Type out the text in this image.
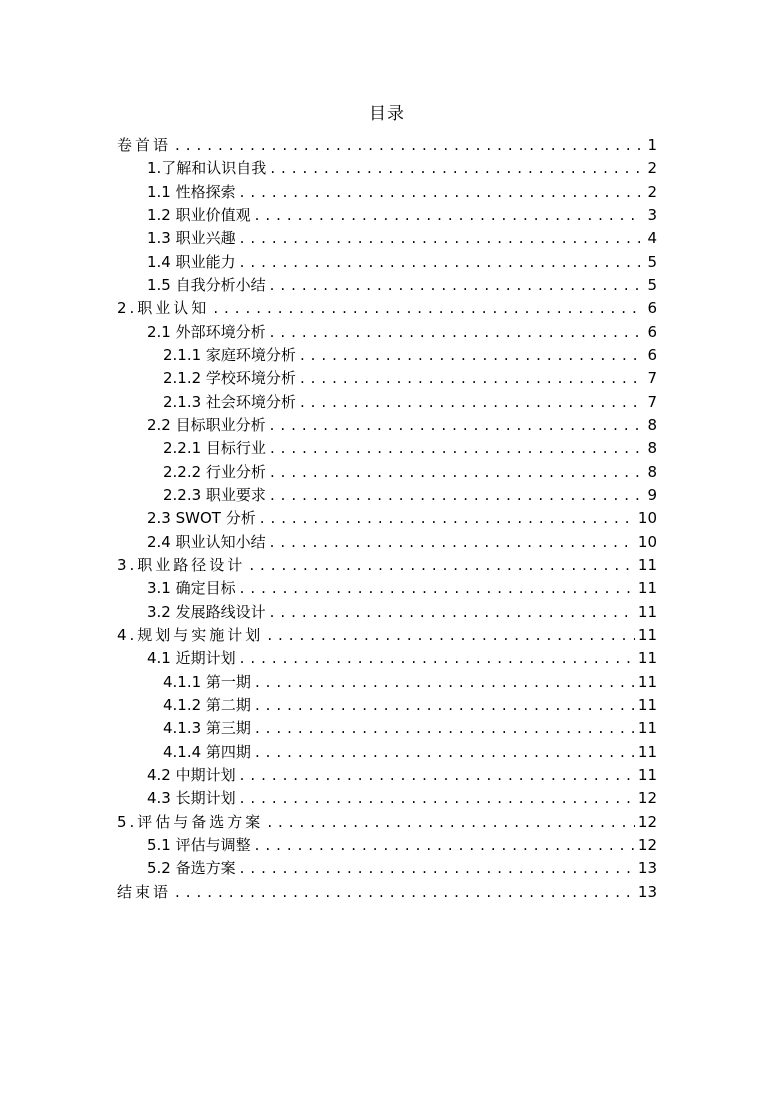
目录
卷首语 . . .	1
1.了解和认识自我 . . .	2
1.1 性格探索 . . .	2
1.2 职业价值观 . . .	3
1.3 职业兴趣 . . .	4
1.4 职业能力 . . .	5
1.5 自我分析小结 . . .	5
2.职业认知 . . .	6
2.1 外部环境分析 . . .	6
2.1.1 家庭环境分析 . . .	6
2.1.2 学校环境分析 . . .	7
2.1.3 社会环境分析 . . .	7
2.2 目标职业分析 . . .	8
2.2.1 目标行业 . . .	8
2.2.2 行业分析 . . .	8
2.2.3 职业要求 . . .	9
2.3 SWOT 分析 . . .	10
2.4 职业认知小结 . . .	10
3.职业路径设计 . . .	11
3.1 确定目标 . . .	11
3.2 发展路线设计 . . .	11
4.规划与实施计划 . . .	11
4.1 近期计划 . . .	11
4.1.1 第一期 . . .	11
4.1.2 第二期 . . .	11
4.1.3 第三期 . . .	11
4.1.4 第四期 . . .	11
4.2 中期计划 . . .	11
4.3 长期计划 . . .	12
5.评估与备选方案 . . .	12
5.1 评估与调整 . . .	12
5.2 备选方案 . . .	13
结束语 . . .	13
